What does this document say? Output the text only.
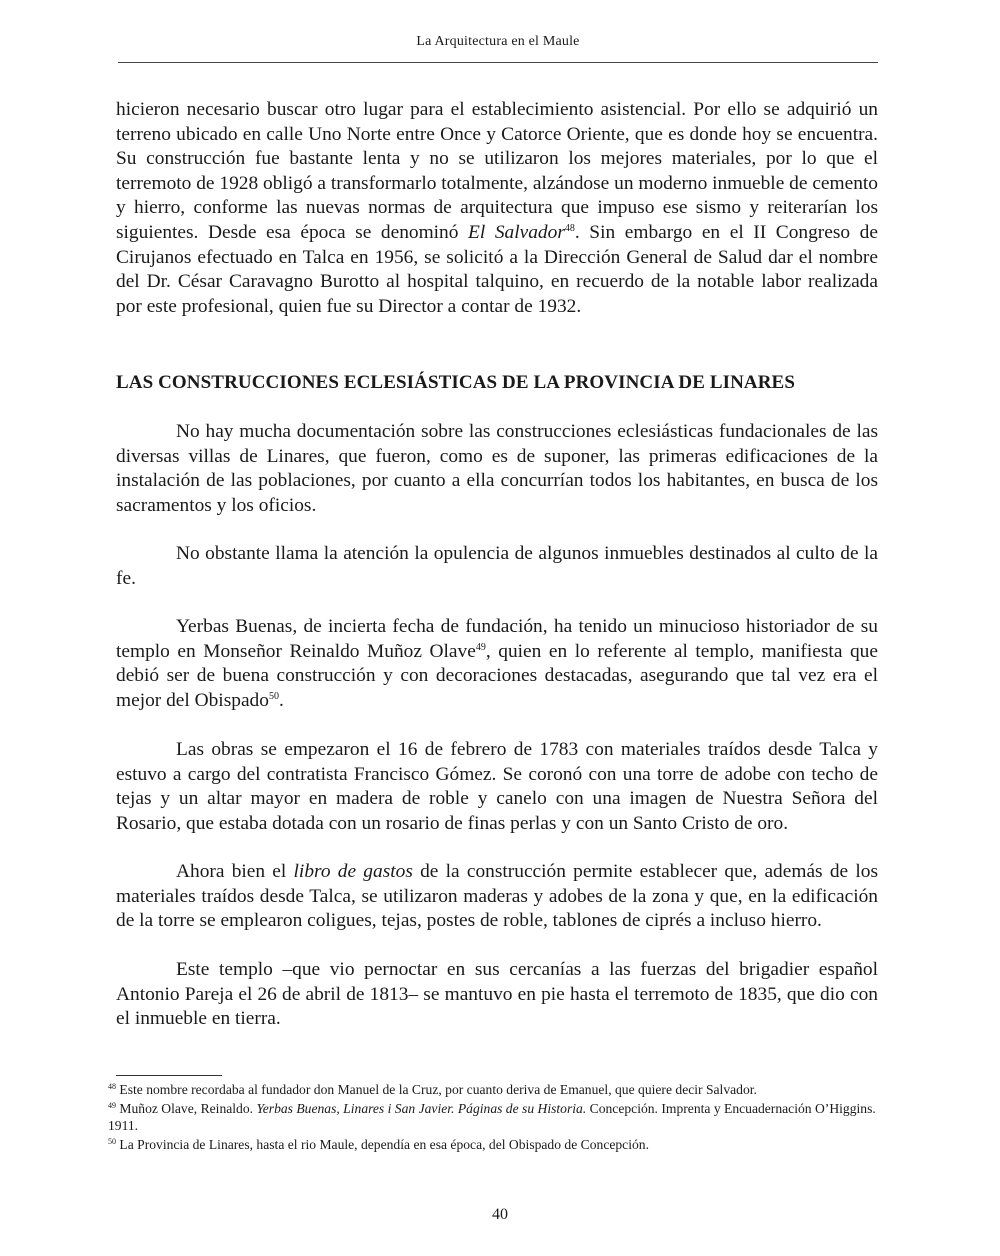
La Arquitectura en el Maule
hicieron necesario buscar otro lugar para el establecimiento asistencial. Por ello se adquirió un terreno ubicado en calle Uno Norte entre Once y Catorce Oriente, que es donde hoy se encuentra. Su construcción fue bastante lenta y no se utilizaron los mejores materiales, por lo que el terremoto de 1928 obligó a transformarlo totalmente, alzándose un moderno inmueble de cemento y hierro, conforme las nuevas normas de arquitectura que impuso ese sismo y reiterarían los siguientes. Desde esa época se denominó El Salvador$^{48}$. Sin embargo en el II Congreso de Cirujanos efectuado en Talca en 1956, se solicitó a la Dirección General de Salud dar el nombre del Dr. César Caravagno Burotto al hospital talquino, en recuerdo de la notable labor realizada por este profesional, quien fue su Director a contar de 1932.
LAS CONSTRUCCIONES ECLESIÁSTICAS DE LA PROVINCIA DE LINARES
No hay mucha documentación sobre las construcciones eclesiásticas fundacionales de las diversas villas de Linares, que fueron, como es de suponer, las primeras edificaciones de la instalación de las poblaciones, por cuanto a ella concurrían todos los habitantes, en busca de los sacramentos y los oficios.
No obstante llama la atención la opulencia de algunos inmuebles destinados al culto de la fe.
Yerbas Buenas, de incierta fecha de fundación, ha tenido un minucioso historiador de su templo en Monseñor Reinaldo Muñoz Olave$^{49}$, quien en lo referente al templo, manifiesta que debió ser de buena construcción y con decoraciones destacadas, asegurando que tal vez era el mejor del Obispado$^{50}$.
Las obras se empezaron el 16 de febrero de 1783 con materiales traídos desde Talca y estuvo a cargo del contratista Francisco Gómez. Se coronó con una torre de adobe con techo de tejas y un altar mayor en madera de roble y canelo con una imagen de Nuestra Señora del Rosario, que estaba dotada con un rosario de finas perlas y con un Santo Cristo de oro.
Ahora bien el libro de gastos de la construcción permite establecer que, además de los materiales traídos desde Talca, se utilizaron maderas y adobes de la zona y que, en la edificación de la torre se emplearon coligues, tejas, postes de roble, tablones de ciprés a incluso hierro.
Este templo –que vio pernoctar en sus cercanías a las fuerzas del brigadier español Antonio Pareja el 26 de abril de 1813– se mantuvo en pie hasta el terremoto de 1835, que dio con el inmueble en tierra.
$^{48}$ Este nombre recordaba al fundador don Manuel de la Cruz, por cuanto deriva de Emanuel, que quiere decir Salvador.
$^{49}$ Muñoz Olave, Reinaldo. Yerbas Buenas, Linares i San Javier. Páginas de su Historia. Concepción. Imprenta y Encuadernación O’Higgins. 1911.
$^{50}$ La Provincia de Linares, hasta el rio Maule, dependía en esa época, del Obispado de Concepción.
40
